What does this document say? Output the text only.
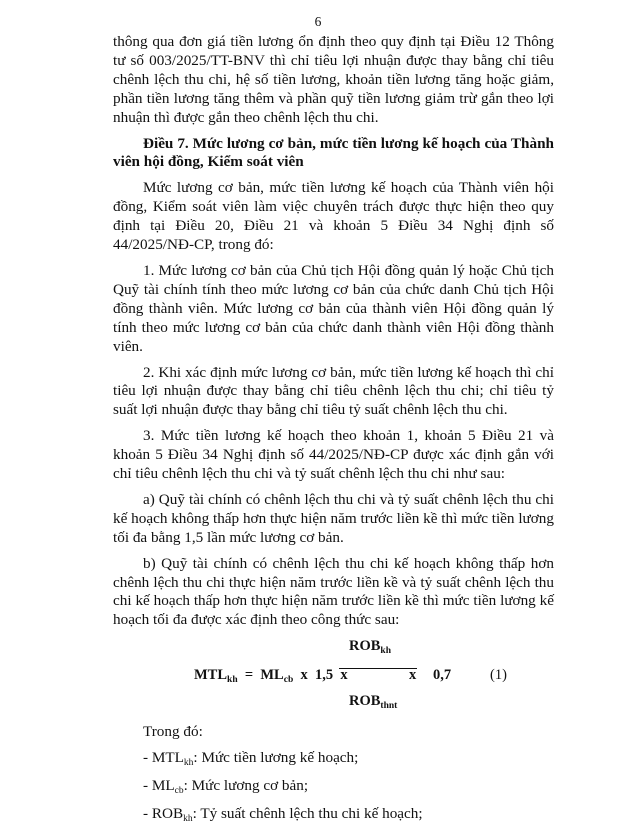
6

thông qua đơn giá tiền lương ổn định theo quy định tại Điều 12 Thông tư số 003/2025/TT-BNV thì chỉ tiêu lợi nhuận được thay bằng chỉ tiêu chênh lệch thu chi, hệ số tiền lương, khoản tiền lương tăng hoặc giảm, phần tiền lương tăng thêm và phần quỹ tiền lương giảm trừ gắn theo lợi nhuận thì được gắn theo chênh lệch thu chi.

Điều 7. Mức lương cơ bản, mức tiền lương kế hoạch của Thành viên hội đồng, Kiểm soát viên

Mức lương cơ bản, mức tiền lương kế hoạch của Thành viên hội đồng, Kiểm soát viên làm việc chuyên trách được thực hiện theo quy định tại Điều 20, Điều 21 và khoản 5 Điều 34 Nghị định số 44/2025/NĐ-CP, trong đó:

1. Mức lương cơ bản của Chủ tịch Hội đồng quản lý hoặc Chủ tịch Quỹ tài chính tính theo mức lương cơ bản của chức danh Chủ tịch Hội đồng thành viên. Mức lương cơ bản của thành viên Hội đồng quản lý tính theo mức lương cơ bản của chức danh thành viên Hội đồng thành viên.

2. Khi xác định mức lương cơ bản, mức tiền lương kế hoạch thì chỉ tiêu lợi nhuận được thay bằng chỉ tiêu chênh lệch thu chi; chỉ tiêu tỷ suất lợi nhuận được thay bằng chỉ tiêu tỷ suất chênh lệch thu chi.

3. Mức tiền lương kế hoạch theo khoản 1, khoản 5 Điều 21 và khoản 5 Điều 34 Nghị định số 44/2025/NĐ-CP được xác định gắn với chỉ tiêu chênh lệch thu chi và tỷ suất chênh lệch thu chi như sau:

a) Quỹ tài chính có chênh lệch thu chi và tỷ suất chênh lệch thu chi kế hoạch không thấp hơn thực hiện năm trước liền kề thì mức tiền lương tối đa bằng 1,5 lần mức lương cơ bản.

b) Quỹ tài chính có chênh lệch thu chi kế hoạch không thấp hơn chênh lệch thu chi thực hiện năm trước liền kề và tỷ suất chênh lệch thu chi kế hoạch thấp hơn thực hiện năm trước liền kề thì mức tiền lương kế hoạch tối đa được xác định theo công thức sau:

$MTL_{kh} = ML_{cb}$ x 1,5 x
$ROB_{kh}$
$ROB_{thnt}$
x 0,7	(1)

Trong đó:

- $MTL_{kh}$: Mức tiền lương kế hoạch;
- $ML_{cb}$: Mức lương cơ bản;
- $ROB_{kh}$: Tỷ suất chênh lệch thu chi kế hoạch;
